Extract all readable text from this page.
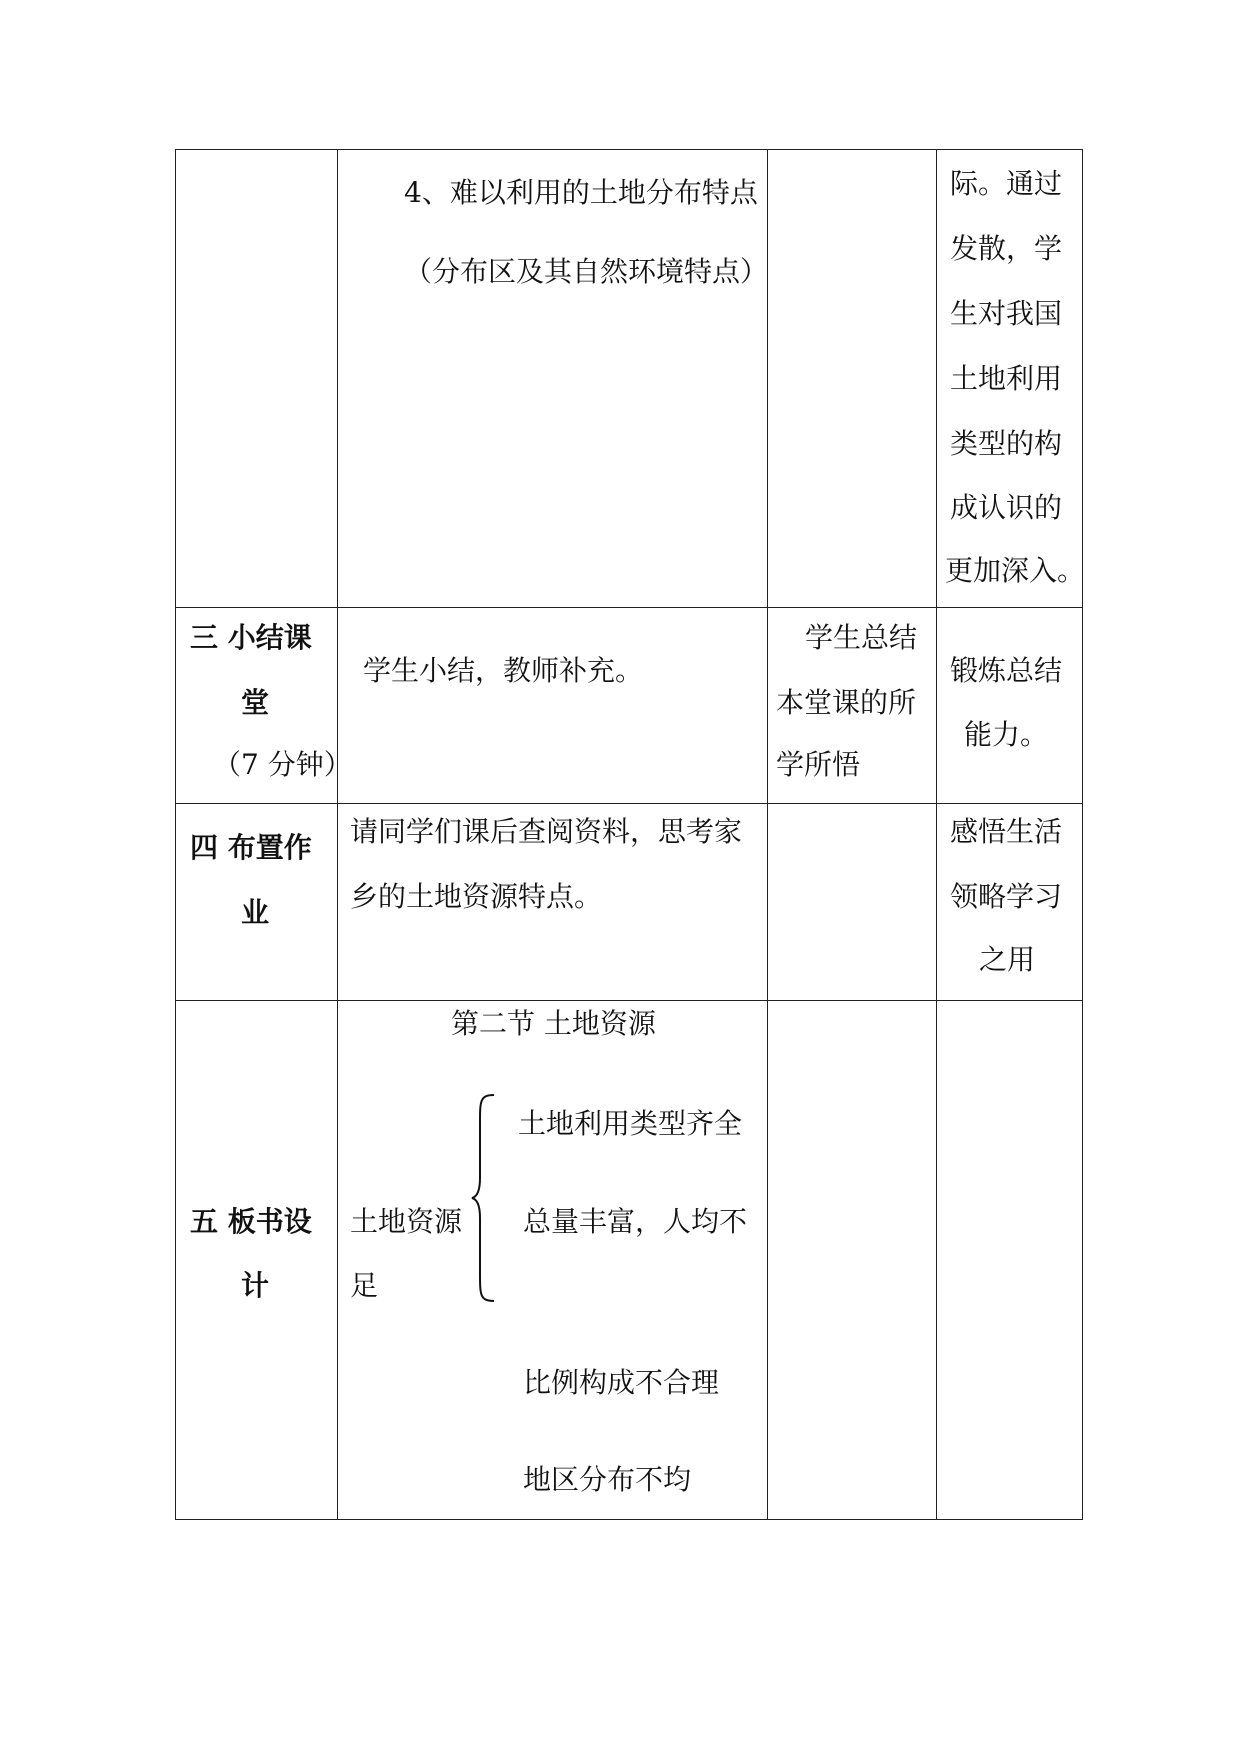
4、难以利用的土地分布特点
（分布区及其自然环境特点）
际。通过
发散，学
生对我国
土地利用
类型的构
成认识的
更加深入。
三 小结课
堂
（7 分钟）
学生小结，教师补充。
学生总结
本堂课的所
学所悟
锻炼总结
能力。
四 布置作
业
请同学们课后查阅资料，思考家
乡的土地资源特点。
感悟生活
领略学习
之用
五 板书设
计
第二节 土地资源
土地资源
足
土地利用类型齐全
总量丰富，人均不
比例构成不合理
地区分布不均
